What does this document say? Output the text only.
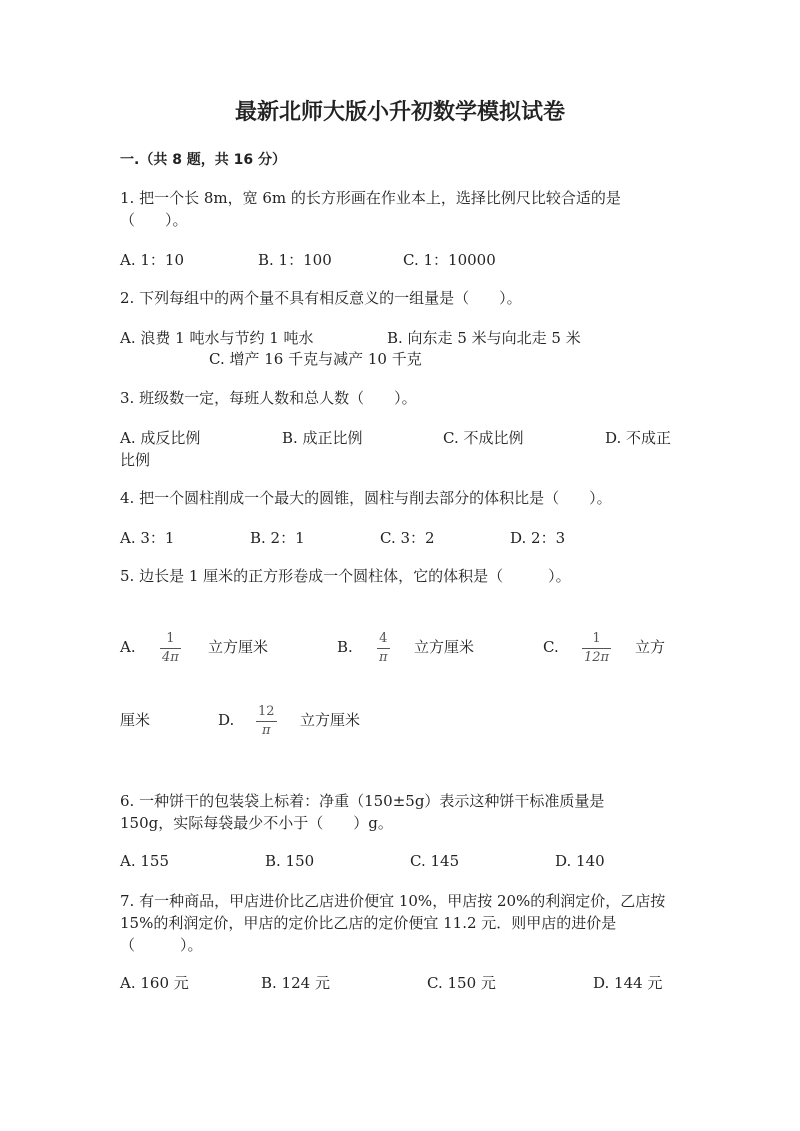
最新北师大版小升初数学模拟试卷
一.（共 8 题，共 16 分）
1. 把一个长 8m，宽 6m 的长方形画在作业本上，选择比例尺比较合适的是
（　　）。
A. 1：10	B. 1：100	C. 1：10000
2. 下列每组中的两个量不具有相反意义的一组量是（　　）。
A. 浪费 1 吨水与节约 1 吨水	B. 向东走 5 米与向北走 5 米
C. 增产 16 千克与减产 10 千克
3. 班级数一定，每班人数和总人数（　　）。
A. 成反比例	B. 成正比例	C. 不成比例	D. 不成正
比例
4. 把一个圆柱削成一个最大的圆锥，圆柱与削去部分的体积比是（　　）。
A. 3：1	B. 2：1	C. 3：2	D. 2：3
5. 边长是 1 厘米的正方形卷成一个圆柱体，它的体积是（　　　）。
A. 1
4π
立方厘米	B. 4
π
立方厘米	C.	1
12π
立方
厘米	D. 12
π
立方厘米
6. 一种饼干的包装袋上标着：净重（150±5g）表示这种饼干标准质量是
150g，实际每袋最少不小于（　　）g。
A. 155	B. 150	C. 145	D. 140
7. 有一种商品，甲店进价比乙店进价便宜 10%，甲店按 20%的利润定价，乙店按
15%的利润定价，甲店的定价比乙店的定价便宜 11.2 元．则甲店的进价是
（　　　）。
A. 160 元	B. 124 元	C. 150 元	D. 144 元
